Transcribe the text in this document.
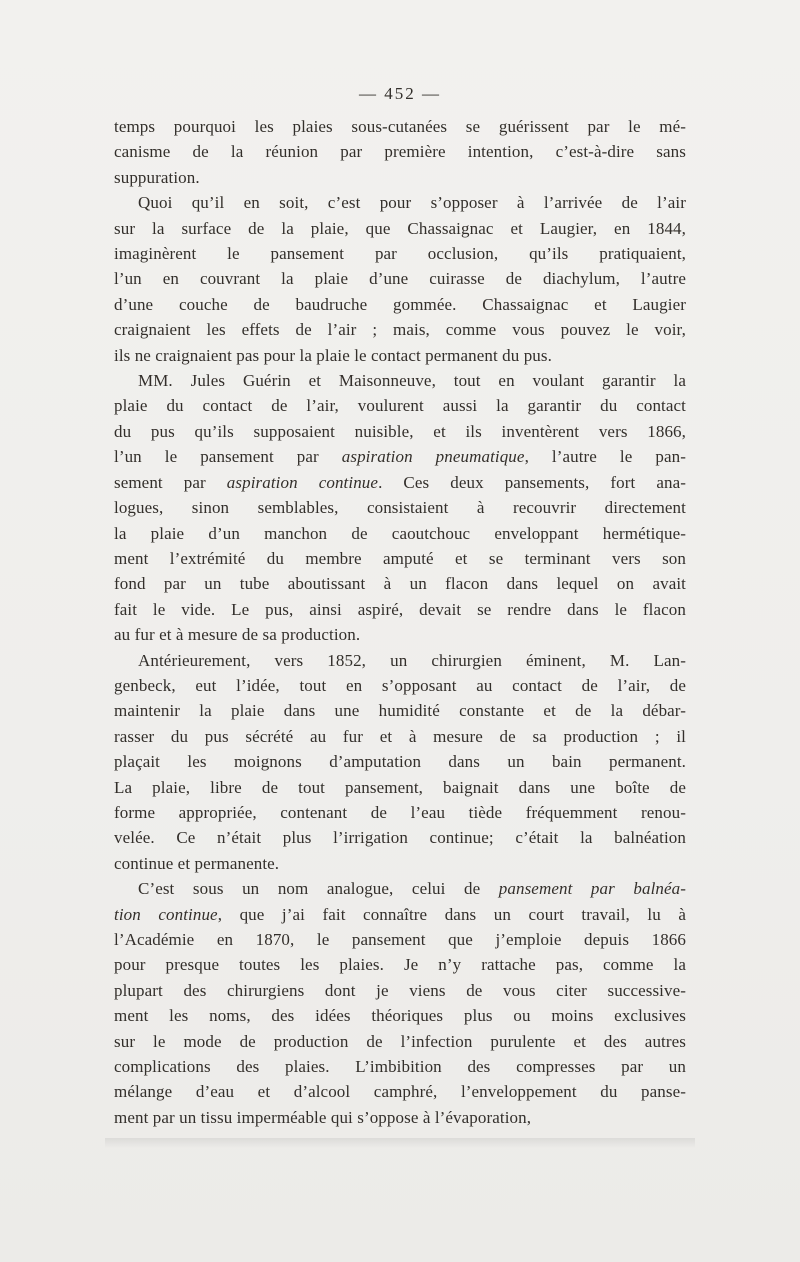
— 452 —
temps pourquoi les plaies sous-cutanées se guérissent par le mé-
canisme de la réunion par première intention, c’est-à-dire sans
suppuration.
Quoi qu’il en soit, c’est pour s’opposer à l’arrivée de l’air
sur la surface de la plaie, que Chassaignac et Laugier, en 1844,
imaginèrent le pansement par occlusion, qu’ils pratiquaient,
l’un en couvrant la plaie d’une cuirasse de diachylum, l’autre
d’une couche de baudruche gommée. Chassaignac et Laugier
craignaient les effets de l’air ; mais, comme vous pouvez le voir,
ils ne craignaient pas pour la plaie le contact permanent du pus.
MM. Jules Guérin et Maisonneuve, tout en voulant garantir la
plaie du contact de l’air, voulurent aussi la garantir du contact
du pus qu’ils supposaient nuisible, et ils inventèrent vers 1866,
l’un le pansement par aspiration pneumatique, l’autre le pan-
sement par aspiration continue. Ces deux pansements, fort ana-
logues, sinon semblables, consistaient à recouvrir directement
la plaie d’un manchon de caoutchouc enveloppant hermétique-
ment l’extrémité du membre amputé et se terminant vers son
fond par un tube aboutissant à un flacon dans lequel on avait
fait le vide. Le pus, ainsi aspiré, devait se rendre dans le flacon
au fur et à mesure de sa production.
Antérieurement, vers 1852, un chirurgien éminent, M. Lan-
genbeck, eut l’idée, tout en s’opposant au contact de l’air, de
maintenir la plaie dans une humidité constante et de la débar-
rasser du pus sécrété au fur et à mesure de sa production ; il
plaçait les moignons d’amputation dans un bain permanent.
La plaie, libre de tout pansement, baignait dans une boîte de
forme appropriée, contenant de l’eau tiède fréquemment renou-
velée. Ce n’était plus l’irrigation continue; c’était la balnéation
continue et permanente.
C’est sous un nom analogue, celui de pansement par balnéa-
tion continue, que j’ai fait connaître dans un court travail, lu à
l’Académie en 1870, le pansement que j’emploie depuis 1866
pour presque toutes les plaies. Je n’y rattache pas, comme la
plupart des chirurgiens dont je viens de vous citer successive-
ment les noms, des idées théoriques plus ou moins exclusives
sur le mode de production de l’infection purulente et des autres
complications des plaies. L’imbibition des compresses par un
mélange d’eau et d’alcool camphré, l’enveloppement du panse-
ment par un tissu imperméable qui s’oppose à l’évaporation,
